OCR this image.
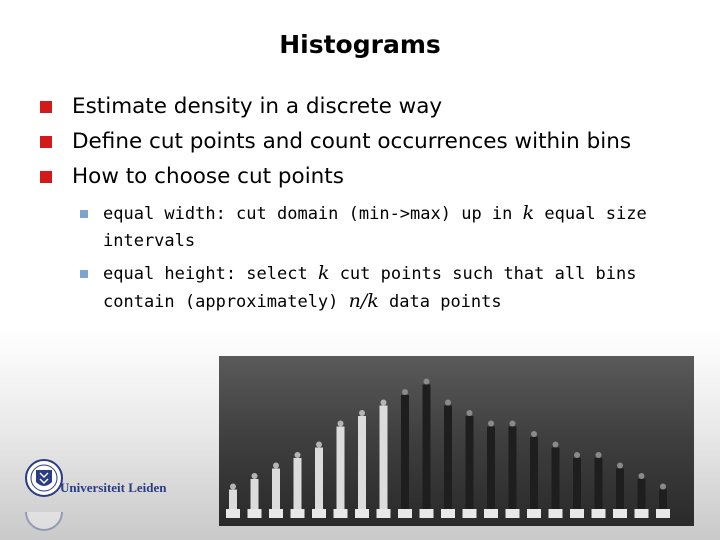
Histograms
Estimate density in a discrete way
Define cut points and count occurrences within bins
How to choose cut points
equal width: cut domain (min->max) up in k equal size intervals
equal height: select k cut points such that all bins contain (approximately) n/k data points
Universiteit Leiden
